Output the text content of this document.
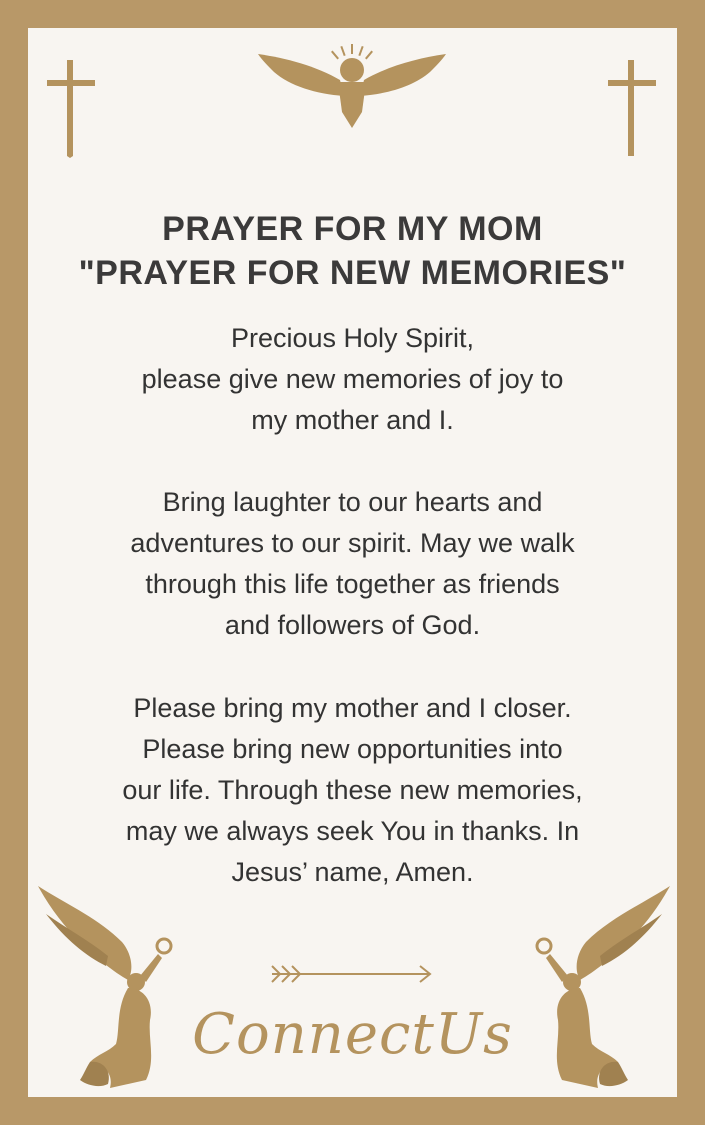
PRAYER FOR MY MOM
"PRAYER FOR NEW MEMORIES"
Precious Holy Spirit,
please give new memories of joy to
my mother and I.
Bring laughter to our hearts and
adventures to our spirit. May we walk
through this life together as friends
and followers of God.
Please bring my mother and I closer.
Please bring new opportunities into
our life. Through these new memories,
may we always seek You in thanks. In
Jesus’ name, Amen.
ConnectUs
